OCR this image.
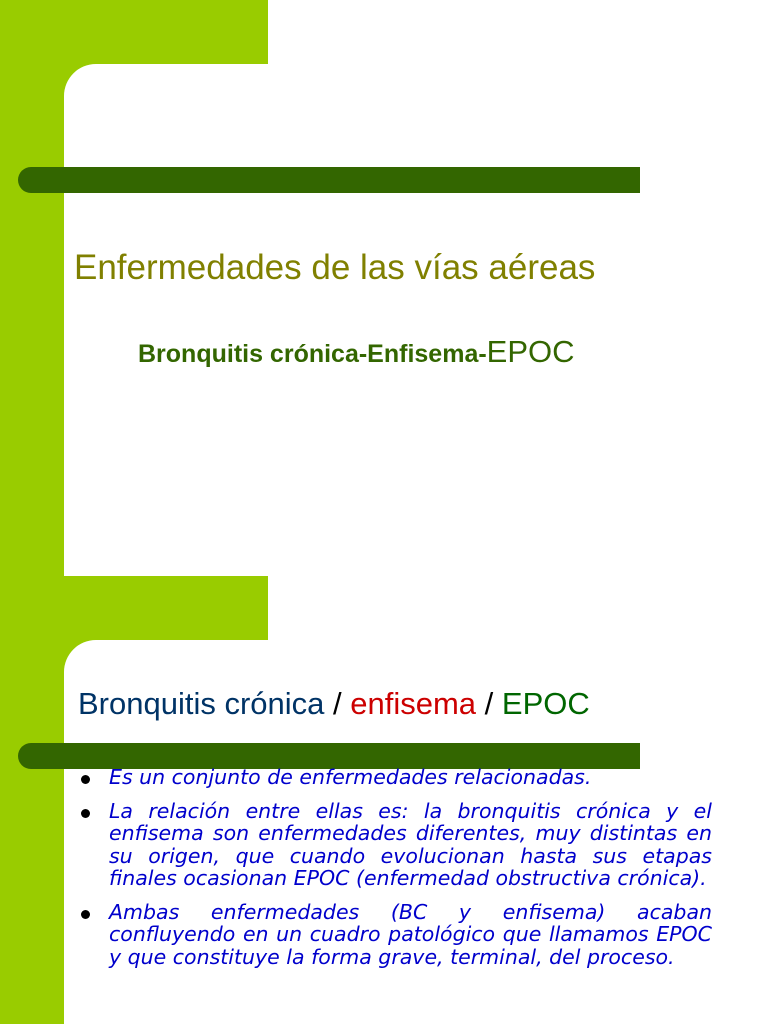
Enfermedades de las vías aéreas
Bronquitis crónica-Enfisema-EPOC
Bronquitis crónica / enfisema / EPOC
Es un conjunto de enfermedades relacionadas.
La relación entre ellas es: la bronquitis crónica y el enfisema son enfermedades diferentes, muy distintas en su origen, que cuando evolucionan hasta sus etapas finales ocasionan EPOC (enfermedad obstructiva crónica).
Ambas enfermedades (BC y enfisema) acaban confluyendo en un cuadro patológico que llamamos EPOC y que constituye la forma grave, terminal, del proceso.
